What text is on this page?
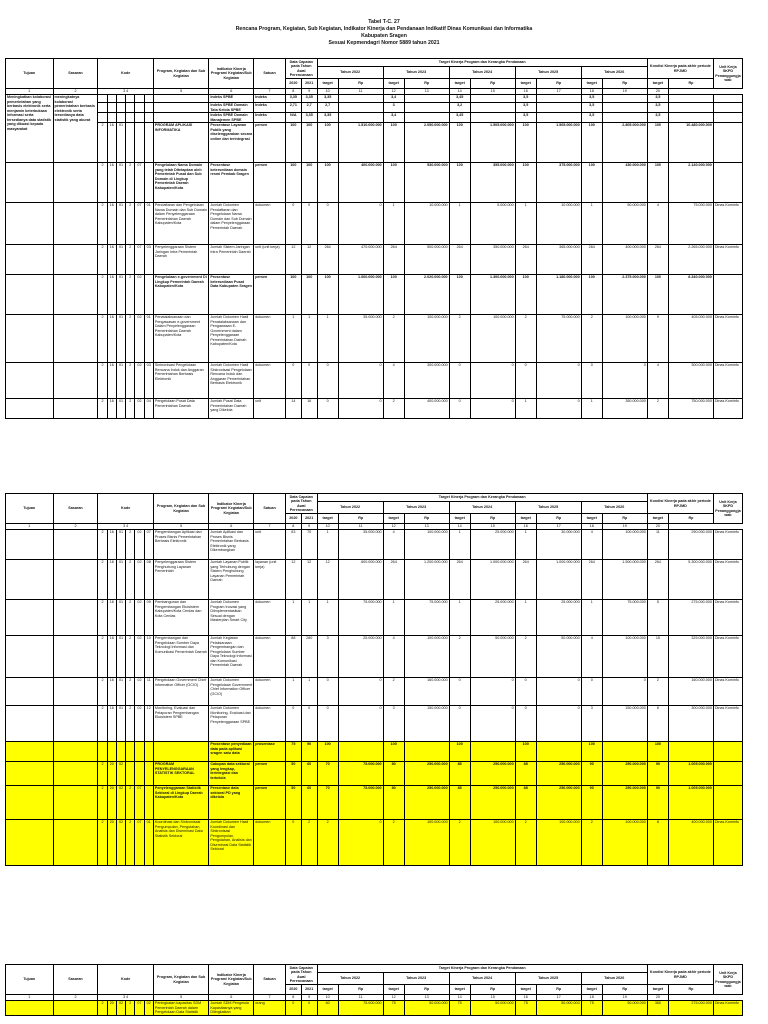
Tabel T-C. 27
Rencana Program, Kegiatan, Sub Kegiatan, Indikator Kinerja dan Pendanaan Indikatif Dinas Komunikasi dan Informatika
Kabupaten Sragen
Sesuai Kepmendagri Nomor 5889 tahun 2021
Tujuan	Sasaran	Kode						Program, Kegiatan dan Sub Kegiatan	Indikator Kinerja Program/ Kegiatan/Sub Kegiatan	Satuan	Data Capaian pada Tahun Awal Perencanaan		Target Kinerja Program dan Kerangka Pendanaan										Kondisi Kinerja pada akhir periode RPJMD		Unit Kerja SKPD Penanggungjawab
													Tahun 2022		Tahun 2023		Tahun 2024		Tahun 2025		Tahun 2026				
											2020	2021	target	Rp	target	Rp	target	Rp	target	Rp	target	Rp	target	Rp	
1	2	3 4						5	6	7	8	9	10	11	12	13	14	15	16	17	18	19	20		
Meningkatkan kolaborasi pemerintahan yang berbasis elektronik serta menjamin keterbukaan informasi serta tersedianya data statistik yang dikuasi kepada masyarakat	meningkatnya kolaborasi pemerintahan berbasis elektronik serta tersedianya data statistik yang akurat								Indeks SPBE	Indeks	3,35	3,35	3,35		3,4		3,45		3,5		3,5		3,5		
									Indeks SPBE Domain Tata Kelola SPBE	Indeks	2,71	2,7	2,7		3		3,2		3,5		3,5		3,5		
									Indeks SPBE Domain Manajemen SPBE	Indeks	N/A	3,35	3,35		3,4		3,45		3,5		3,5		3,5		
		2	16	01				PROGRAM APLIKASI INFORMATIKA	Prosentase Layanan Publik yang diselenggarakan secara online dan terintegrasi	persen	100	100	100	1.510.000.000	100	2.050.000.000	100	1.505.000.000	100	1.565.000.000	100	2.805.000.000	100	10.480.000.000	
		2	16	01	2	07		Pengelolaan Nama Domain yang telah Ditetapkan oleh Pemerintah Pusat dan Sub Domain di Lingkup Pemerintah Daerah Kabupaten/Kota	Prosentase ketersediaan domain resmi Pemkab Sragen	persen	100	100	100	400.000.000	100	530.000.000	100	355.000.000	100	375.000.000	100	430.000.000	100	2.140.000.000	
		2	16	01	2	07	01	Pendaftaran dan Pengelolaan Nama Domain dan Sub Domain dalam Penyelenggaraan Pemerintahan Daerah Kabupaten/Kota	Jumlah Dokumen Pendaftaran dan Pengelolaan Nama Domain dan Sub Domain dalam Penyelenggaraan Pemerintah Daerah	dokumen	0	0	0	0	1	10.000.000	1	5.000.000	1	10.000.000	1	50.000.000	4	75.000.000	Dinas Kominfo
		2	16	01	2	07	03	Penyelenggaraan Sistem Jaringan Intra Pemerintah Daerah	Jumlah Sistem Jaringan Intra Pemerintah Daerah	unit (unit kerja)	12	12	264	470.000.000	264	500.000.000	264	350.000.000	264	365.000.000	264	400.000.000	264	2.265.000.000	Dinas Kominfo
		2	16	01	2	02		Pengelolaan e-government Di Lingkup Pemerintah Daerah Kabupaten/Kota	Prosentase ketersediaan Pusat Data Kabupaten Sragen	persen	100	100	100	1.060.000.000	100	2.020.000.000	100	1.300.000.000	100	1.180.000.000	100	2.375.000.000	100	8.340.000.000	
		2	16	01	2	02	01	Penatalaksanaan dan Pengawasan e-government Dalam Penyelenggaraan Pemerintahan Daerah Kabupaten/Kota	Jumlah Dokumen Hasil Penatalaksanaan dan Pengawasan E-Government dalam Penyelenggaraan Pemerintahan Daerah Kabupaten/Kota	dokumen	1	1	1	35.000.000	2	100.000.000	2	100.000.000	2	75.000.000	2	100.000.000	9	405.000.000	Dinas Kominfo
		2	16	01	2	02	03	Sinkronisasi Pengelolaan Rencana Induk dan Anggaran Pemerintahan Berbasis Elektronik	Jumlah Dokumen Hasil Sinkronisasi Pengelolaan Rencana Induk dan Anggaran Pemerintahan Berbasis Elektronik	dokumen	0	0	0	0	4	300.000.000	0	0	0	0	0	0	4	300.000.000	Dinas Kominfo
		2	16	01	2	02	04	Pengelolaan Pusat Data Pemerintahan Daerah	Jumlah Pusat Data Pemerintahan Daerah yang Dikelola	unit	14	16	0	0	2	400.000.000	0	0	1	0	1	350.000.000	2	750.000.000	Dinas Kominfo
Tujuan	Sasaran	Kode						Program, Kegiatan dan Sub Kegiatan	Indikator Kinerja Program/ Kegiatan/Sub Kegiatan	Satuan	Data Capaian pada Tahun Awal Perencanaan		Target Kinerja Program dan Kerangka Pendanaan										Kondisi Kinerja pada akhir periode RPJMD		Unit Kerja SKPD Penanggungjawab
													Tahun 2022		Tahun 2023		Tahun 2024		Tahun 2025		Tahun 2026				
											2020	2021	target	Rp	target	Rp	target	Rp	target	Rp	target	Rp	target	Rp	
1	2	3 4						5	6	7	8	9	10	11	12	13	14	15	16	17	18	19	20		
		2	16	01	2	02	07	Pengembangan Aplikasi dan Proses Bisnis Pemerintahan Berbasis Elektronik	Jumlah Aplikasi dan Proses Bisnis Pemerintahan Berbasis Elektronik yang Dikembangkan	unit	63	70	1	35.000.000	4	100.000.000	1	25.000.000	1	30.000.000	4	100.000.000	11	290.000.000	Dinas Kominfo
		2	16	01	2	02	08	Penyelenggaraan Sistem Penghubung Layanan Pemerintah	Jumlah Layanan Publik yang Terhubung dengan Sistem Penghubung Layanan Pemerintah Daerah	layanan (unit kerja)	12	12	12	600.000.000	264	1.200.000.000	264	1.000.000.000	264	1.000.000.000	264	1.500.000.000	264	5.300.000.000	Dinas Kominfo
		2	16	01	2	02	09	Pembangunan dan Pengembangan Ekosistem Kabupaten/Kota Cerdas dan Kota Cerdas	Jumlah Dokumen Program Inovasi yang Diimplementasikan Sesuai dengan Masterplan Smart City	dokumen	1	1	1	75.000.000	1	75.000.000	1	25.000.000	1	25.000.000	1	75.000.000	5	275.000.000	Dinas Kominfo
		2	16	01	2	02	10	Pengembangan dan Pengelolaan Sumber Daya Teknologi Informasi dan Komunikasi Pemerintah Daerah	Jumlah Kegiatan Pelaksanaan Pengembangan dan Pengelolaan Sumber Daya Teknologi Informasi dan Komunikasi Pemerintah Daerah	dokumen	88	280	3	25.000.000	4	100.000.000	2	50.000.000	2	50.000.000	4	100.000.000	15	325.000.000	Dinas Kominfo
		2	16	01	2	02	11	Pengelolaan Government Chief Information Officer (GCIO)	Jumlah Dokumen Pengelolaan Government Chief Information Officer (GCIO)	dokumen	1	1	0	0	2	160.000.000	0	0	0	0	0	0	2	160.000.000	Dinas Kominfo
		2	16	01	2	02	12	Monitoring, Evaluasi dan Pelaporan Pengembangan Ekosistem SPBE	Jumlah Dokumen Monitoring, Evaluasi dan Pelaporan Penyelenggaraan SPBE	dokumen	0	0	0	0	3	150.000.000	0	0	0	0	3	150.000.000	6	300.000.000	Dinas Kominfo
									Prosentase penyediaan data pada aplikasi sragen satu data	prosentase	75	90	100		100		100		100		100		100		
		2	20	02				PROGRAM PENYELENGGARAAN STATISTIK SEKTORAL	Cakupan data sektoral yang lengkap, terintegrasi dan terkelola	persen	50	60	70	75.000.000	80	250.000.000	85	250.000.000	85	250.000.000	90	250.000.000	90	1.005.000.000	
		2	20	02	2	07		Penyelenggaraan Statistik Sektoral di Lingkup Daerah Kabupaten/Kota	Persentase data sektoral PD yang dikelola	persen	50	60	70	75.000.000	80	250.000.000	85	250.000.000	85	250.000.000	90	250.000.000	90	1.005.000.000	
		2	20	02	2	07	01	Koordinasi dan Sinkronisasi Pengumpulan, Pengolahan, Analisis dan Diseminasi Data Statistik Sektoral	Jumlah Dokumen Hasil Koordinasi dan Sinkronisasi Pengumpulan, Pengolahan, Analisis dan Diseminasi Data Statistik Sektoral	dokumen	0	2	2	0	2	100.000.000	2	100.000.000	2	100.000.000	2	100.000.000	8	400.000.000	Dinas Kominfo
Tujuan	Sasaran	Kode						Program, Kegiatan dan Sub Kegiatan	Indikator Kinerja Program/ Kegiatan/Sub Kegiatan	Satuan	Data Capaian pada Tahun Awal Perencanaan		Target Kinerja Program dan Kerangka Pendanaan										Kondisi Kinerja pada akhir periode RPJMD		Unit Kerja SKPD Penanggungjawab
													Tahun 2022		Tahun 2023		Tahun 2024		Tahun 2025		Tahun 2026				
											2020	2021	target	Rp	target	Rp	target	Rp	target	Rp	target	Rp	target	Rp	
1	2	3 4						5	6	7	8	9	10	11	12	13	14	15	16	17	18	19	20		
		2	20	02	2	07	02	Peningkatan kapasitas SDM Pemerintah Daerah dalam Pengelolaan Data Statistik	Jumlah SDM Pengelola Kapasitasnya yang Ditingkatkan	orang	0	0	60	75.000.000	75	50.000.000	75	50.000.000	75	50.000.000	75	50.000.000	360	275.000.000	Dinas Kominfo
